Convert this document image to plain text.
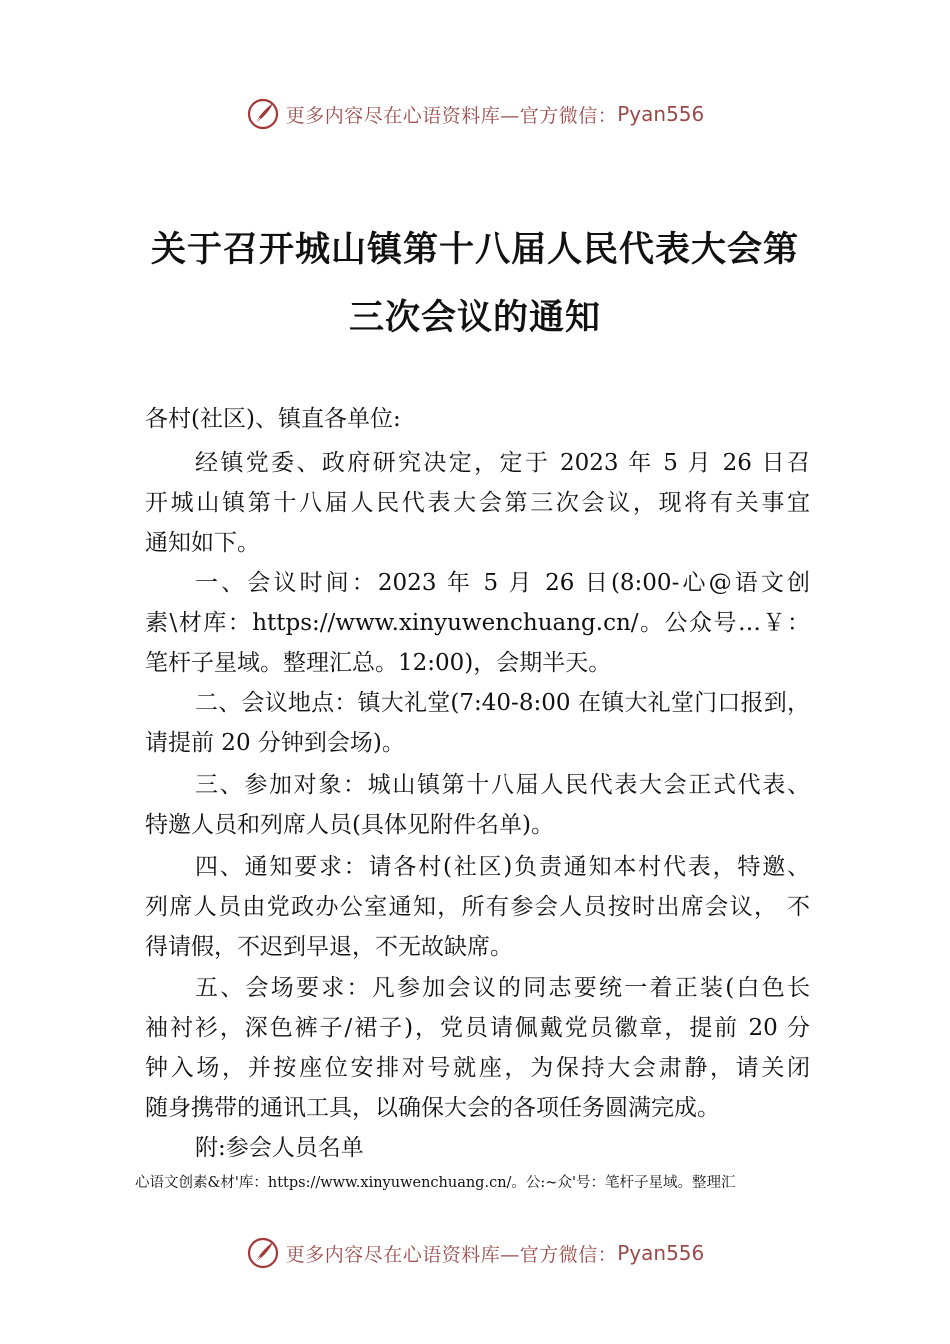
更多内容尽在心语资料库—官方微信： Pyan556
关于召开城山镇第十八届人民代表大会第
三次会议的通知
各村(社区)、镇直各单位:
经镇党委、政府研究决定，定于 2023 年 5 月 26 日召
开城山镇第十八届人民代表大会第三次会议，现将有关事宜
通知如下。
一、会议时间：2023 年 5 月 26 日(8:00-心@语文创
素\材库：https://www.xinyuwenchuang.cn/。公众号…￥：
笔杆子星域。整理汇总。12:00)，会期半天。
二、会议地点：镇大礼堂(7:40-8:00 在镇大礼堂门口报到，
请提前 20 分钟到会场)。
三、参加对象：城山镇第十八届人民代表大会正式代表、
特邀人员和列席人员(具体见附件名单)。
四、通知要求：请各村(社区)负责通知本村代表，特邀、
列席人员由党政办公室通知，所有参会人员按时出席会议， 不
得请假，不迟到早退，不无故缺席。
五、会场要求：凡参加会议的同志要统一着正装(白色长
袖衬衫，深色裤子/裙子)，党员请佩戴党员徽章，提前 20 分
钟入场，并按座位安排对号就座，为保持大会肃静，请关闭
随身携带的通讯工具，以确保大会的各项任务圆满完成。
附:参会人员名单
心语文创素&材'库：https://www.xinyuwenchuang.cn/。公:~众'号：笔杆子星域。整理汇
更多内容尽在心语资料库—官方微信： Pyan556
